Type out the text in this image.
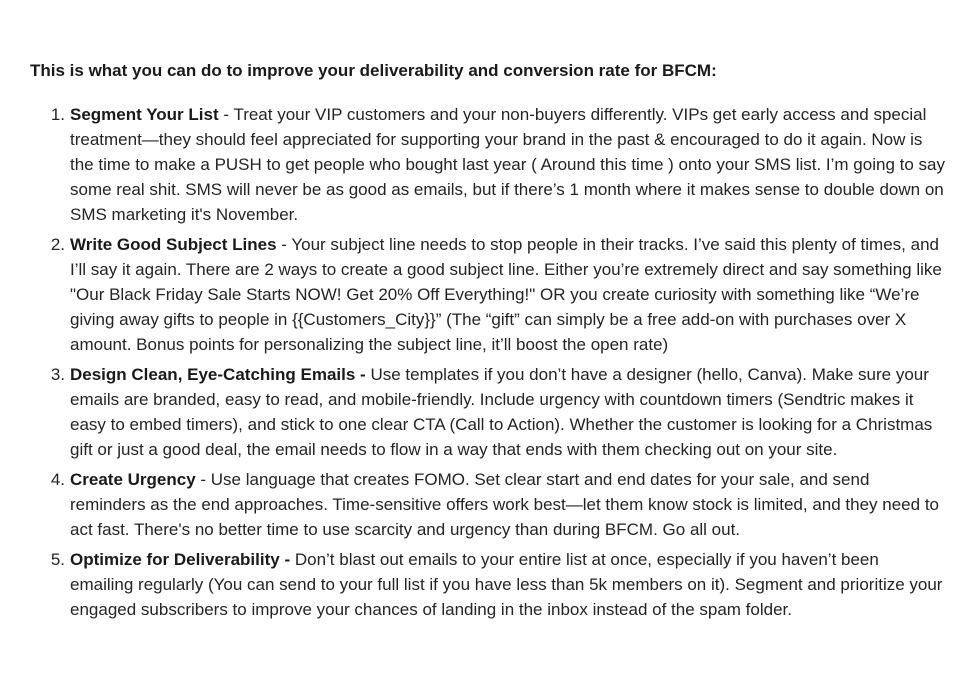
This is what you can do to improve your deliverability and conversion rate for BFCM:

1. Segment Your List - Treat your VIP customers and your non-buyers differently. VIPs get early access and special treatment—they should feel appreciated for supporting your brand in the past & encouraged to do it again. Now is the time to make a PUSH to get people who bought last year ( Around this time ) onto your SMS list. I’m going to say some real shit. SMS will never be as good as emails, but if there’s 1 month where it makes sense to double down on SMS marketing it's November.
2. Write Good Subject Lines - Your subject line needs to stop people in their tracks. I’ve said this plenty of times, and I’ll say it again. There are 2 ways to create a good subject line. Either you’re extremely direct and say something like "Our Black Friday Sale Starts NOW! Get 20% Off Everything!" OR you create curiosity with something like “We’re giving away gifts to people in {{Customers_City}}” (The “gift” can simply be a free add-on with purchases over X amount. Bonus points for personalizing the subject line, it’ll boost the open rate)
3. Design Clean, Eye-Catching Emails - Use templates if you don’t have a designer (hello, Canva). Make sure your emails are branded, easy to read, and mobile-friendly. Include urgency with countdown timers (Sendtric makes it easy to embed timers), and stick to one clear CTA (Call to Action). Whether the customer is looking for a Christmas gift or just a good deal, the email needs to flow in a way that ends with them checking out on your site.
4. Create Urgency - Use language that creates FOMO. Set clear start and end dates for your sale, and send reminders as the end approaches. Time-sensitive offers work best—let them know stock is limited, and they need to act fast. There's no better time to use scarcity and urgency than during BFCM. Go all out.
5. Optimize for Deliverability - Don’t blast out emails to your entire list at once, especially if you haven’t been emailing regularly (You can send to your full list if you have less than 5k members on it). Segment and prioritize your engaged subscribers to improve your chances of landing in the inbox instead of the spam folder.
